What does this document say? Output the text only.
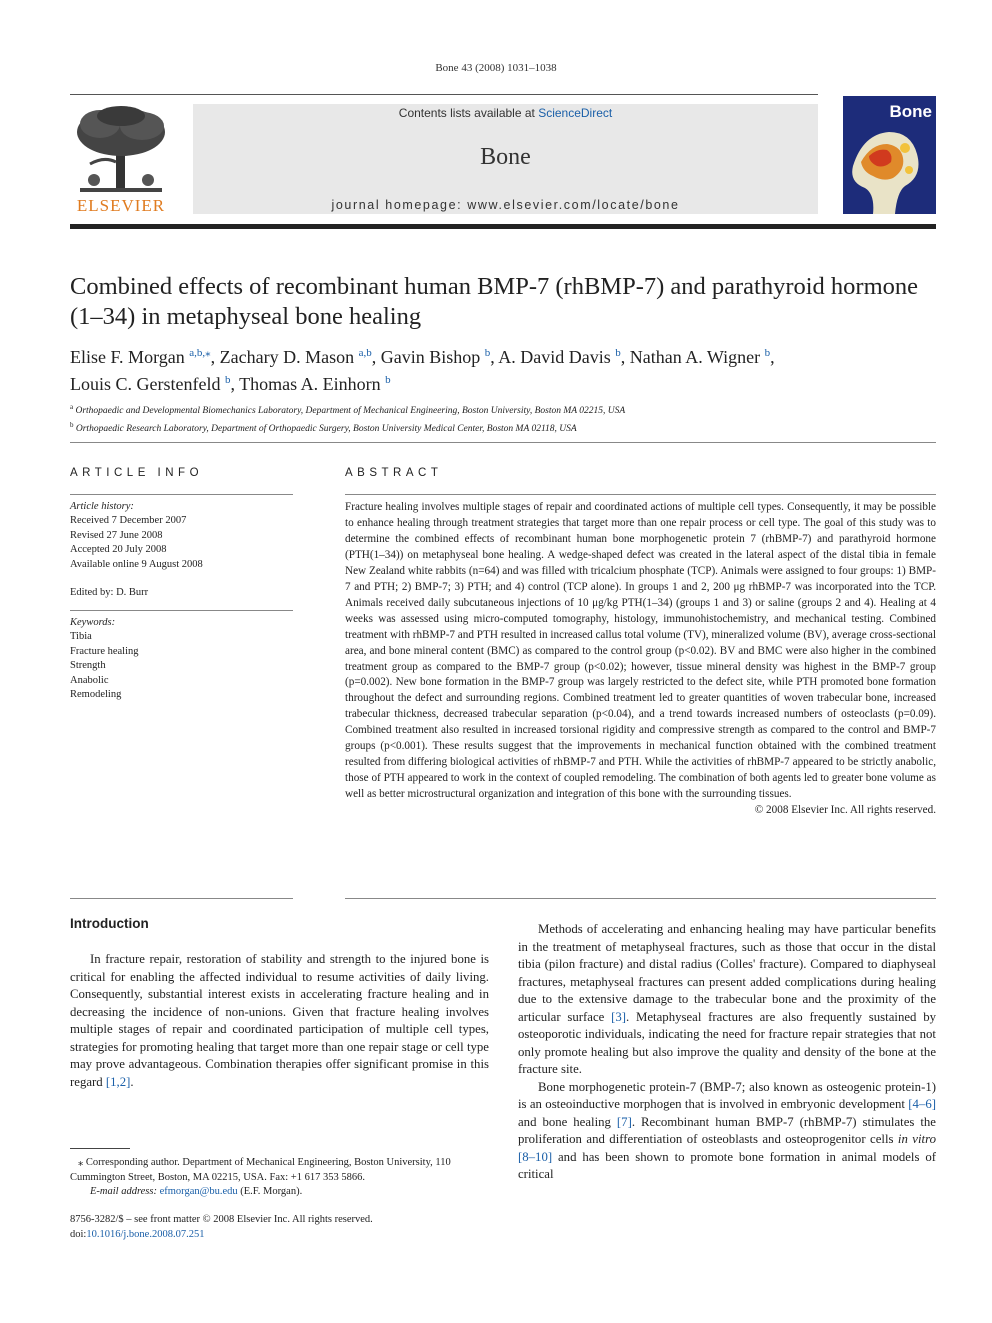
Bone 43 (2008) 1031–1038
ELSEVIER
Contents lists available at ScienceDirect
Bone
journal homepage: www.elsevier.com/locate/bone
Bone
Combined effects of recombinant human BMP-7 (rhBMP-7) and parathyroid hormone (1–34) in metaphyseal bone healing
Elise F. Morgan $^{a,b,⁎}$, Zachary D. Mason $^{a,b}$, Gavin Bishop $^b$, A. David Davis $^b$, Nathan A. Wigner $^b$,
Louis C. Gerstenfeld $^b$, Thomas A. Einhorn $^b$
$^a$ Orthopaedic and Developmental Biomechanics Laboratory, Department of Mechanical Engineering, Boston University, Boston MA 02215, USA
$^b$ Orthopaedic Research Laboratory, Department of Orthopaedic Surgery, Boston University Medical Center, Boston MA 02118, USA
ARTICLE INFO
Article history:
Received 7 December 2007
Revised 27 June 2008
Accepted 20 July 2008
Available online 9 August 2008
Edited by: D. Burr
Keywords:
Tibia
Fracture healing
Strength
Anabolic
Remodeling
ABSTRACT
Fracture healing involves multiple stages of repair and coordinated actions of multiple cell types. Consequently, it may be possible to enhance healing through treatment strategies that target more than one repair process or cell type. The goal of this study was to determine the combined effects of recombinant human bone morphogenetic protein 7 (rhBMP-7) and parathyroid hormone (PTH(1–34)) on metaphyseal bone healing. A wedge-shaped defect was created in the lateral aspect of the distal tibia in female New Zealand white rabbits (n=64) and was filled with tricalcium phosphate (TCP). Animals were assigned to four groups: 1) BMP-7 and PTH; 2) BMP-7; 3) PTH; and 4) control (TCP alone). In groups 1 and 2, 200 μg rhBMP-7 was incorporated into the TCP. Animals received daily subcutaneous injections of 10 μg/kg PTH(1–34) (groups 1 and 3) or saline (groups 2 and 4). Healing at 4 weeks was assessed using micro-computed tomography, histology, immunohistochemistry, and mechanical testing. Combined treatment with rhBMP-7 and PTH resulted in increased callus total volume (TV), mineralized volume (BV), average cross-sectional area, and bone mineral content (BMC) as compared to the control group (p<0.02). BV and BMC were also higher in the combined treatment group as compared to the BMP-7 group (p<0.02); however, tissue mineral density was highest in the BMP-7 group (p=0.002). New bone formation in the BMP-7 group was largely restricted to the defect site, while PTH promoted bone formation throughout the defect and surrounding regions. Combined treatment led to greater quantities of woven trabecular bone, increased trabecular thickness, decreased trabecular separation (p<0.04), and a trend towards increased numbers of osteoclasts (p=0.09). Combined treatment also resulted in increased torsional rigidity and compressive strength as compared to the control and BMP-7 groups (p<0.001). These results suggest that the improvements in mechanical function obtained with the combined treatment resulted from differing biological activities of rhBMP-7 and PTH. While the activities of rhBMP-7 appeared to be strictly anabolic, those of PTH appeared to work in the context of coupled remodeling. The combination of both agents led to greater bone volume as well as better microstructural organization and integration of this bone with the surrounding tissues.
© 2008 Elsevier Inc. All rights reserved.
Introduction

In fracture repair, restoration of stability and strength to the injured bone is critical for enabling the affected individual to resume activities of daily living. Consequently, substantial interest exists in accelerating fracture healing and in decreasing the incidence of non-unions. Given that fracture healing involves multiple stages of repair and coordinated participation of multiple cell types, strategies for promoting healing that target more than one repair stage or cell type may prove advantageous. Combination therapies offer significant promise in this regard [1,2].

Methods of accelerating and enhancing healing may have particular benefits in the treatment of metaphyseal fractures, such as those that occur in the distal tibia (pilon fracture) and distal radius (Colles' fracture). Compared to diaphyseal fractures, metaphyseal fractures can present added complications during healing due to the extensive damage to the trabecular bone and the proximity of the articular surface [3]. Metaphyseal fractures are also frequently sustained by osteoporotic individuals, indicating the need for fracture repair strategies that not only promote healing but also improve the quality and density of the bone at the fracture site.

Bone morphogenetic protein-7 (BMP-7; also known as osteogenic protein-1) is an osteoinductive morphogen that is involved in embryonic development [4–6] and bone healing [7]. Recombinant human BMP-7 (rhBMP-7) stimulates the proliferation and differentiation of osteoblasts and osteoprogenitor cells in vitro [8–10] and has been shown to promote bone formation in animal models of critical

⁎ Corresponding author. Department of Mechanical Engineering, Boston University, 110 Cummington Street, Boston, MA 02215, USA. Fax: +1 617 353 5866.
E-mail address: efmorgan@bu.edu (E.F. Morgan).
8756-3282/$ – see front matter © 2008 Elsevier Inc. All rights reserved.
doi:10.1016/j.bone.2008.07.251
